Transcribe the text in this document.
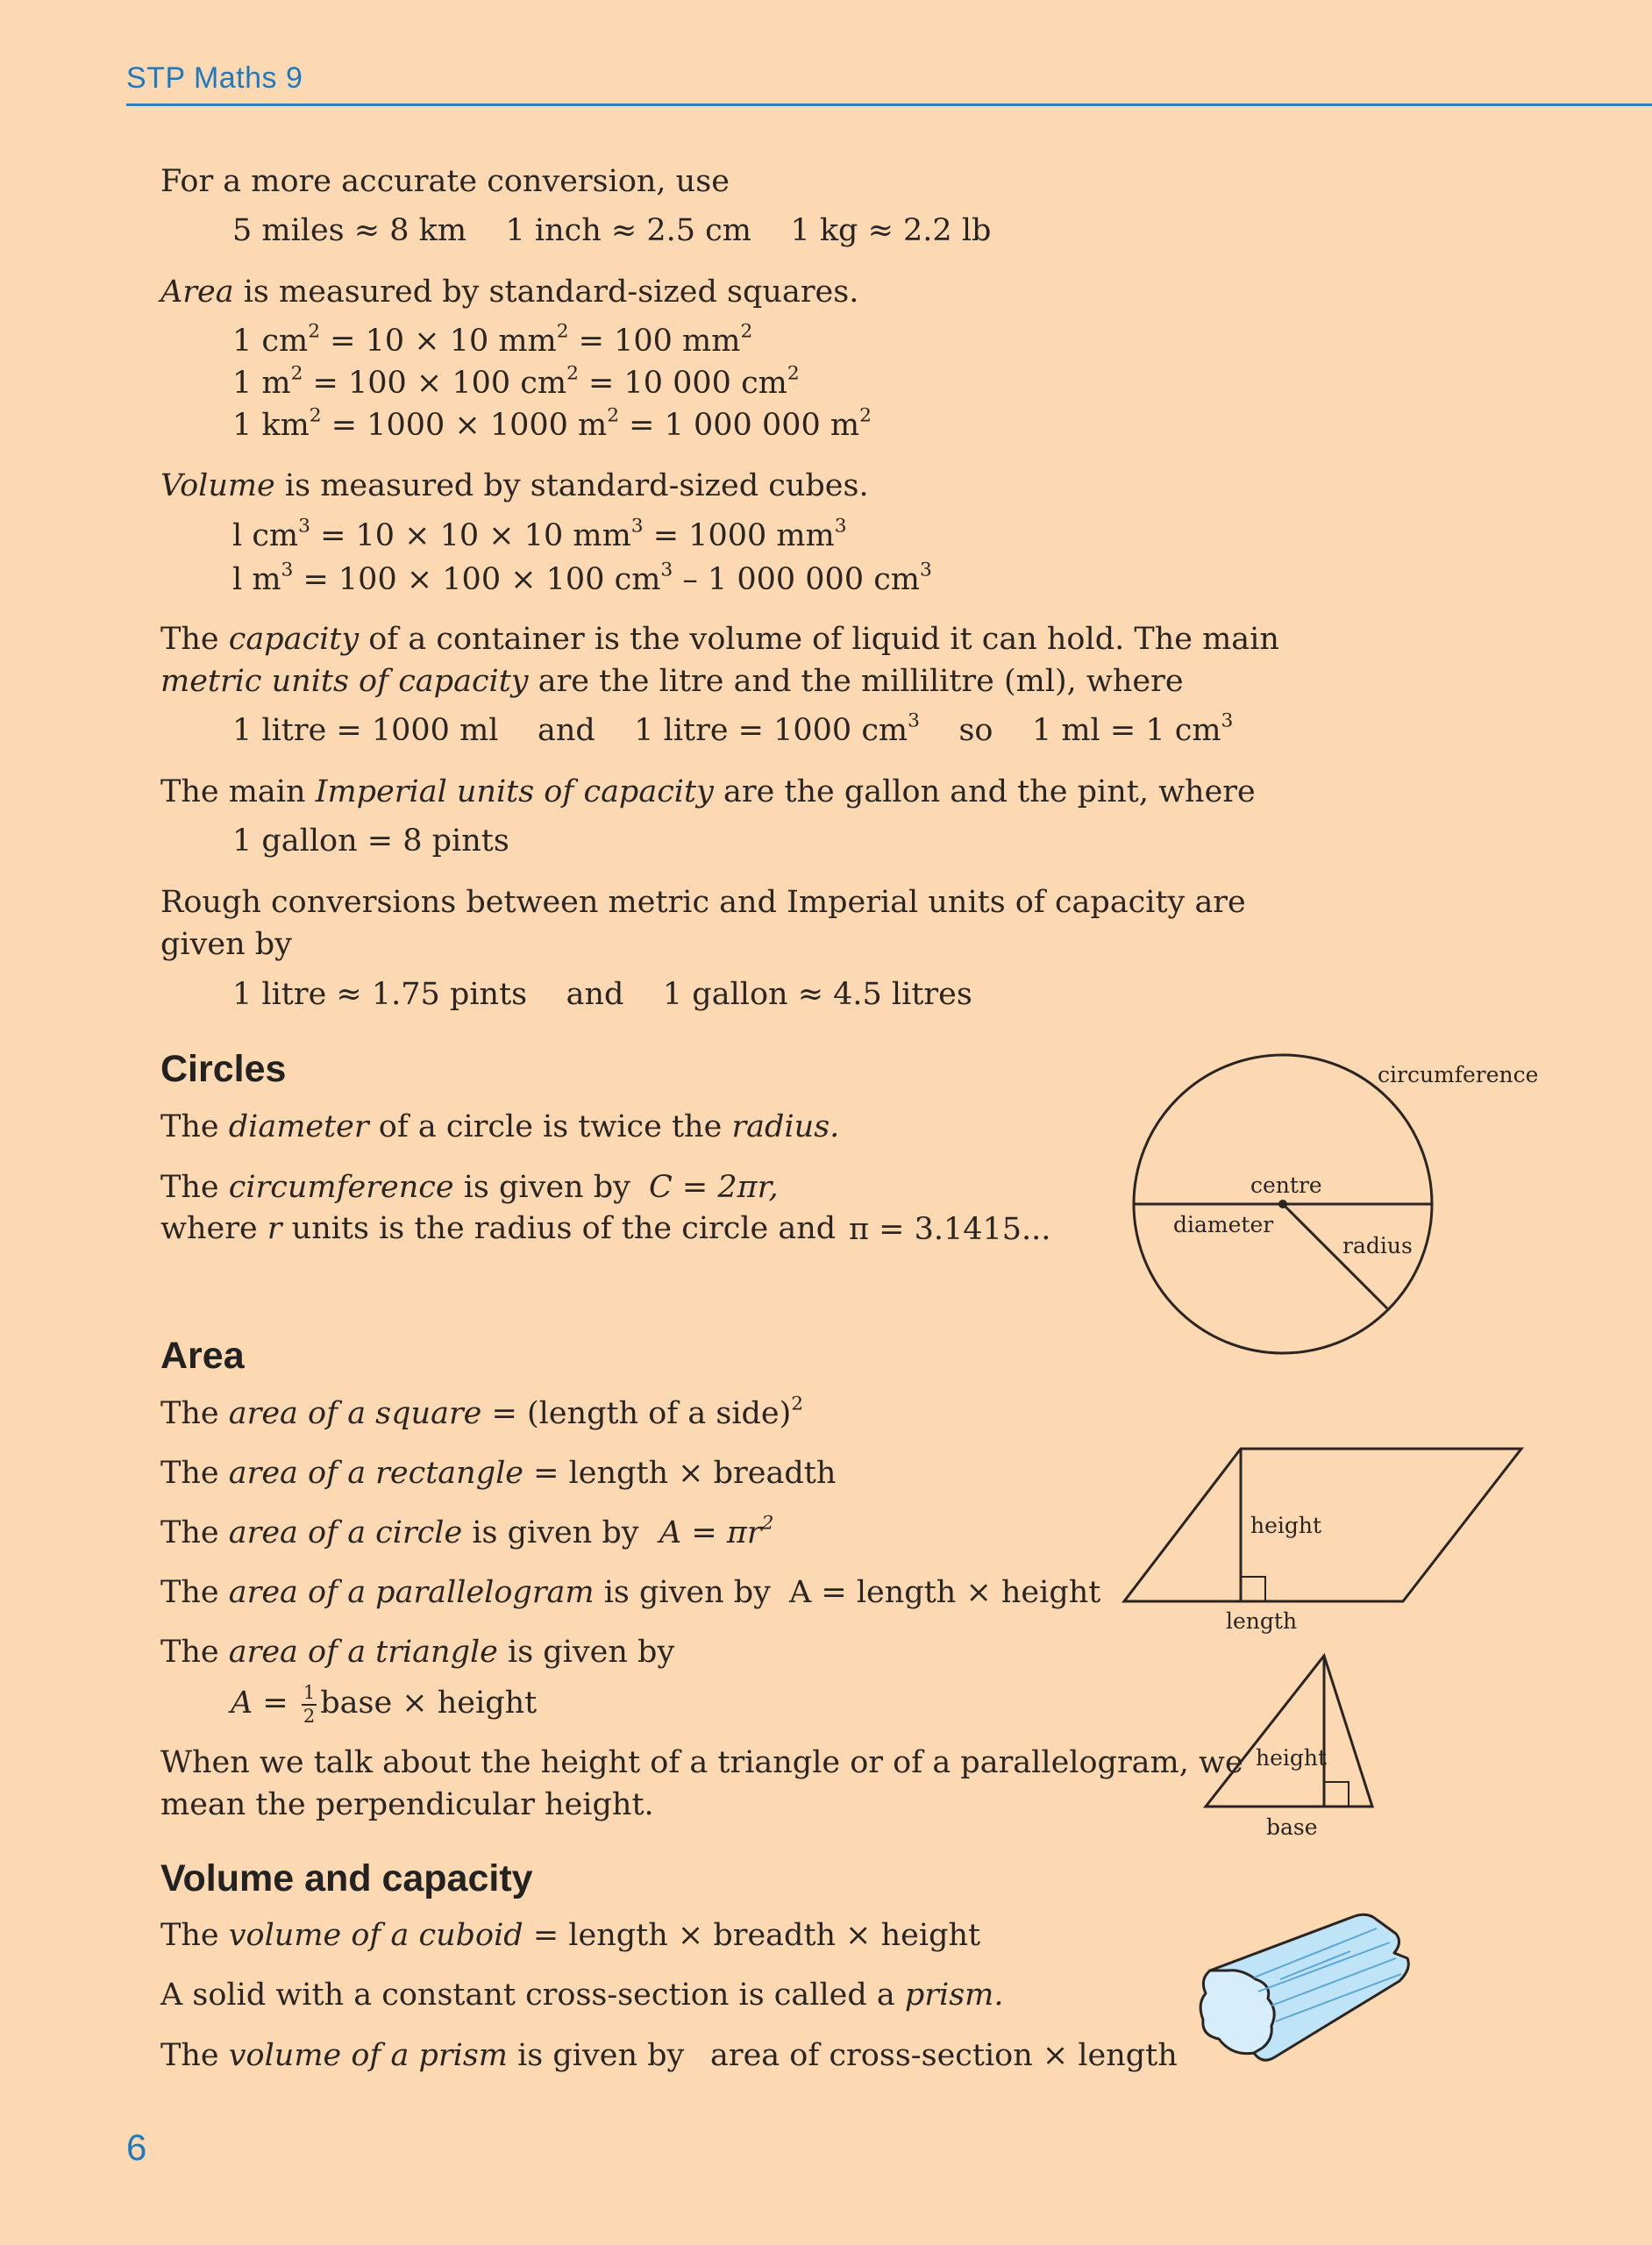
STP Maths 9
For a more accurate conversion, use
5 miles ≈ 8 km    1 inch ≈ 2.5 cm    1 kg ≈ 2.2 lb
Area is measured by standard-sized squares.
1 $cm^2 = 10 \times 10$ $mm^2 = 100$ $mm^2$
1 $m^2 = 100 \times 100$ $cm^2 = 10$ 000 $cm^2$
1 $km^2 = 1000 \times 1000$ $m^2 = 1$ 000 000 $m^2$
Volume is measured by standard-sized cubes.
l $cm^3 = 10 \times 10 \times 10$ $mm^3 = 1000$ $mm^3$
l $m^3 = 100 \times 100 \times 100$ $cm^3 - 1$ 000 000 $cm^3$
The capacity of a container is the volume of liquid it can hold. The main
metric units of capacity are the litre and the millilitre (ml), where
1 litre = 1000 ml    and    1 litre = 1000 $cm^3$    so    1 ml = 1 $cm^3$
The main Imperial units of capacity are the gallon and the pint, where
1 gallon = 8 pints
Rough conversions between metric and Imperial units of capacity are
given by
1 litre ≈ 1.75 pints    and    1 gallon ≈ 4.5 litres
Circles
The diameter of a circle is twice the radius.
The circumference is given by C = 2πr,
where r units is the radius of the circle and π = 3.1415...
circumference
centre
diameter
radius
Area
The area of a square = (length of a side)$^2$
The area of a rectangle = length × breadth
The area of a circle is given by $A = \pi r^2$
The area of a parallelogram is given by A = length × height
The area of a triangle is given by
$A = \frac{1}{2}$ base × height
When we talk about the height of a triangle or of a parallelogram, we
mean the perpendicular height.
height
length
height
base
Volume and capacity
The volume of a cuboid = length × breadth × height
A solid with a constant cross-section is called a prism.
The volume of a prism is given by area of cross-section × length
6
